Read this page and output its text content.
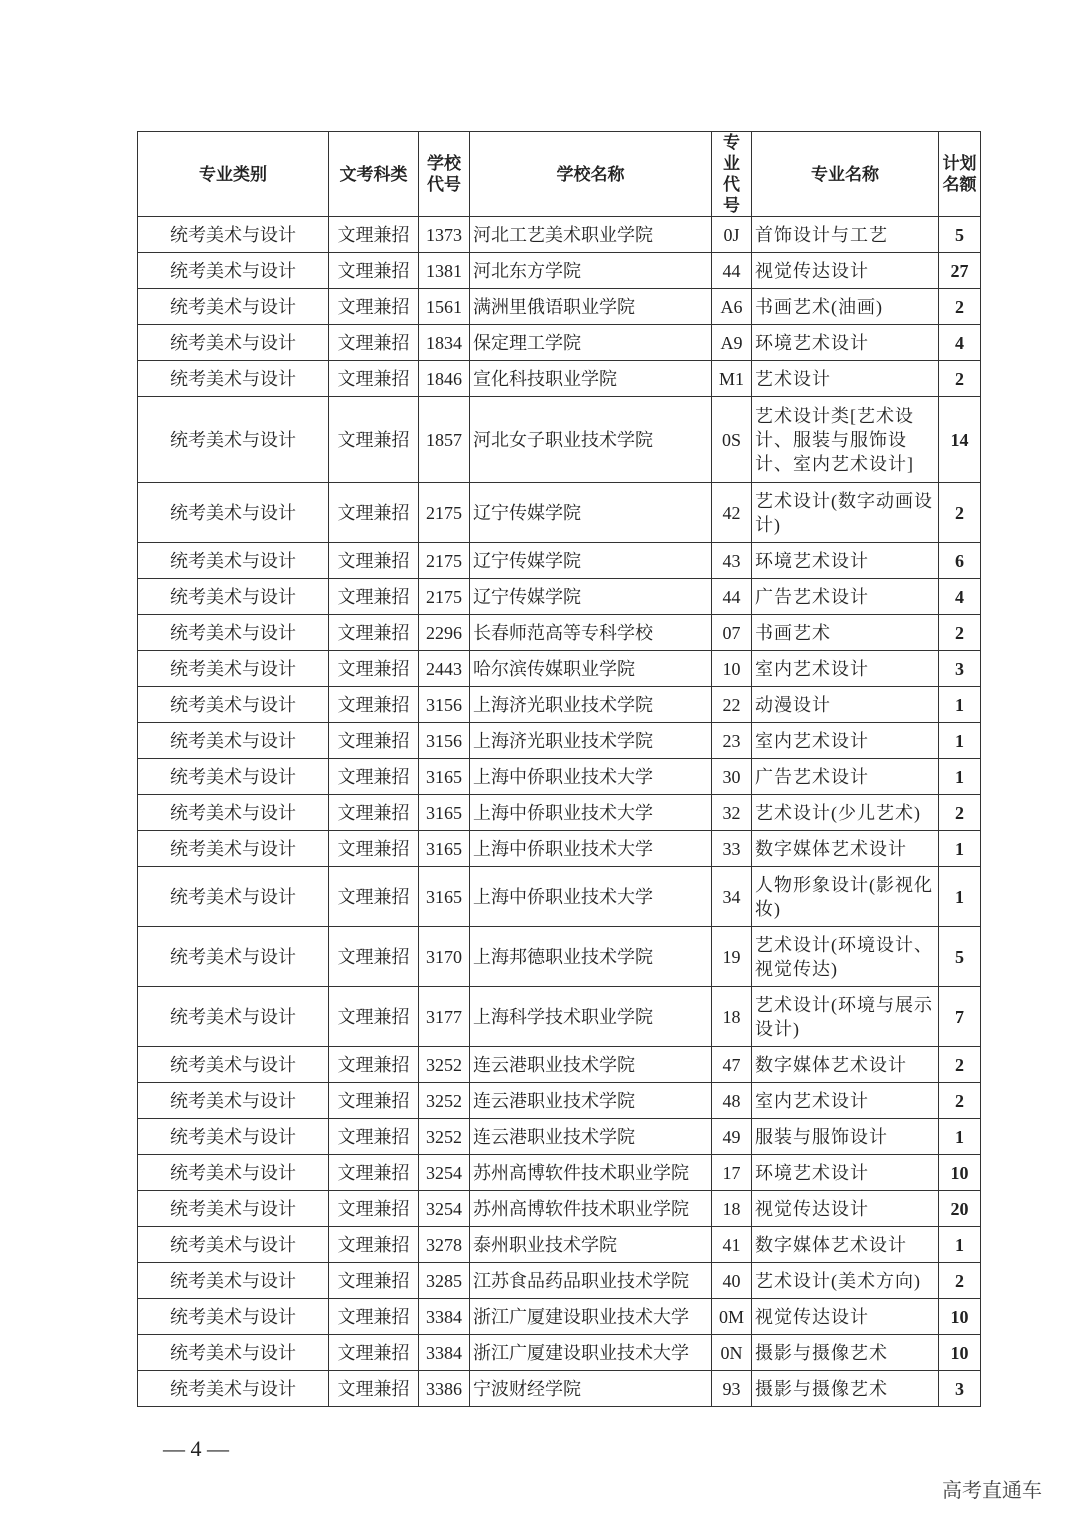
专业类别	文考科类	学校代号	学校名称	专业代号	专业名称	计划名额
统考美术与设计	文理兼招	1373	河北工艺美术职业学院	0J	首饰设计与工艺	5
统考美术与设计	文理兼招	1381	河北东方学院	44	视觉传达设计	27
统考美术与设计	文理兼招	1561	满洲里俄语职业学院	A6	书画艺术(油画)	2
统考美术与设计	文理兼招	1834	保定理工学院	A9	环境艺术设计	4
统考美术与设计	文理兼招	1846	宣化科技职业学院	M1	艺术设计	2
统考美术与设计	文理兼招	1857	河北女子职业技术学院	0S	艺术设计类[艺术设计、服装与服饰设计、室内艺术设计]	14
统考美术与设计	文理兼招	2175	辽宁传媒学院	42	艺术设计(数字动画设计)	2
统考美术与设计	文理兼招	2175	辽宁传媒学院	43	环境艺术设计	6
统考美术与设计	文理兼招	2175	辽宁传媒学院	44	广告艺术设计	4
统考美术与设计	文理兼招	2296	长春师范高等专科学校	07	书画艺术	2
统考美术与设计	文理兼招	2443	哈尔滨传媒职业学院	10	室内艺术设计	3
统考美术与设计	文理兼招	3156	上海济光职业技术学院	22	动漫设计	1
统考美术与设计	文理兼招	3156	上海济光职业技术学院	23	室内艺术设计	1
统考美术与设计	文理兼招	3165	上海中侨职业技术大学	30	广告艺术设计	1
统考美术与设计	文理兼招	3165	上海中侨职业技术大学	32	艺术设计(少儿艺术)	2
统考美术与设计	文理兼招	3165	上海中侨职业技术大学	33	数字媒体艺术设计	1
统考美术与设计	文理兼招	3165	上海中侨职业技术大学	34	人物形象设计(影视化妆)	1
统考美术与设计	文理兼招	3170	上海邦德职业技术学院	19	艺术设计(环境设计、视觉传达)	5
统考美术与设计	文理兼招	3177	上海科学技术职业学院	18	艺术设计(环境与展示设计)	7
统考美术与设计	文理兼招	3252	连云港职业技术学院	47	数字媒体艺术设计	2
统考美术与设计	文理兼招	3252	连云港职业技术学院	48	室内艺术设计	2
统考美术与设计	文理兼招	3252	连云港职业技术学院	49	服装与服饰设计	1
统考美术与设计	文理兼招	3254	苏州高博软件技术职业学院	17	环境艺术设计	10
统考美术与设计	文理兼招	3254	苏州高博软件技术职业学院	18	视觉传达设计	20
统考美术与设计	文理兼招	3278	泰州职业技术学院	41	数字媒体艺术设计	1
统考美术与设计	文理兼招	3285	江苏食品药品职业技术学院	40	艺术设计(美术方向)	2
统考美术与设计	文理兼招	3384	浙江广厦建设职业技术大学	0M	视觉传达设计	10
统考美术与设计	文理兼招	3384	浙江广厦建设职业技术大学	0N	摄影与摄像艺术	10
统考美术与设计	文理兼招	3386	宁波财经学院	93	摄影与摄像艺术	3
— 4 —
高考直通车
